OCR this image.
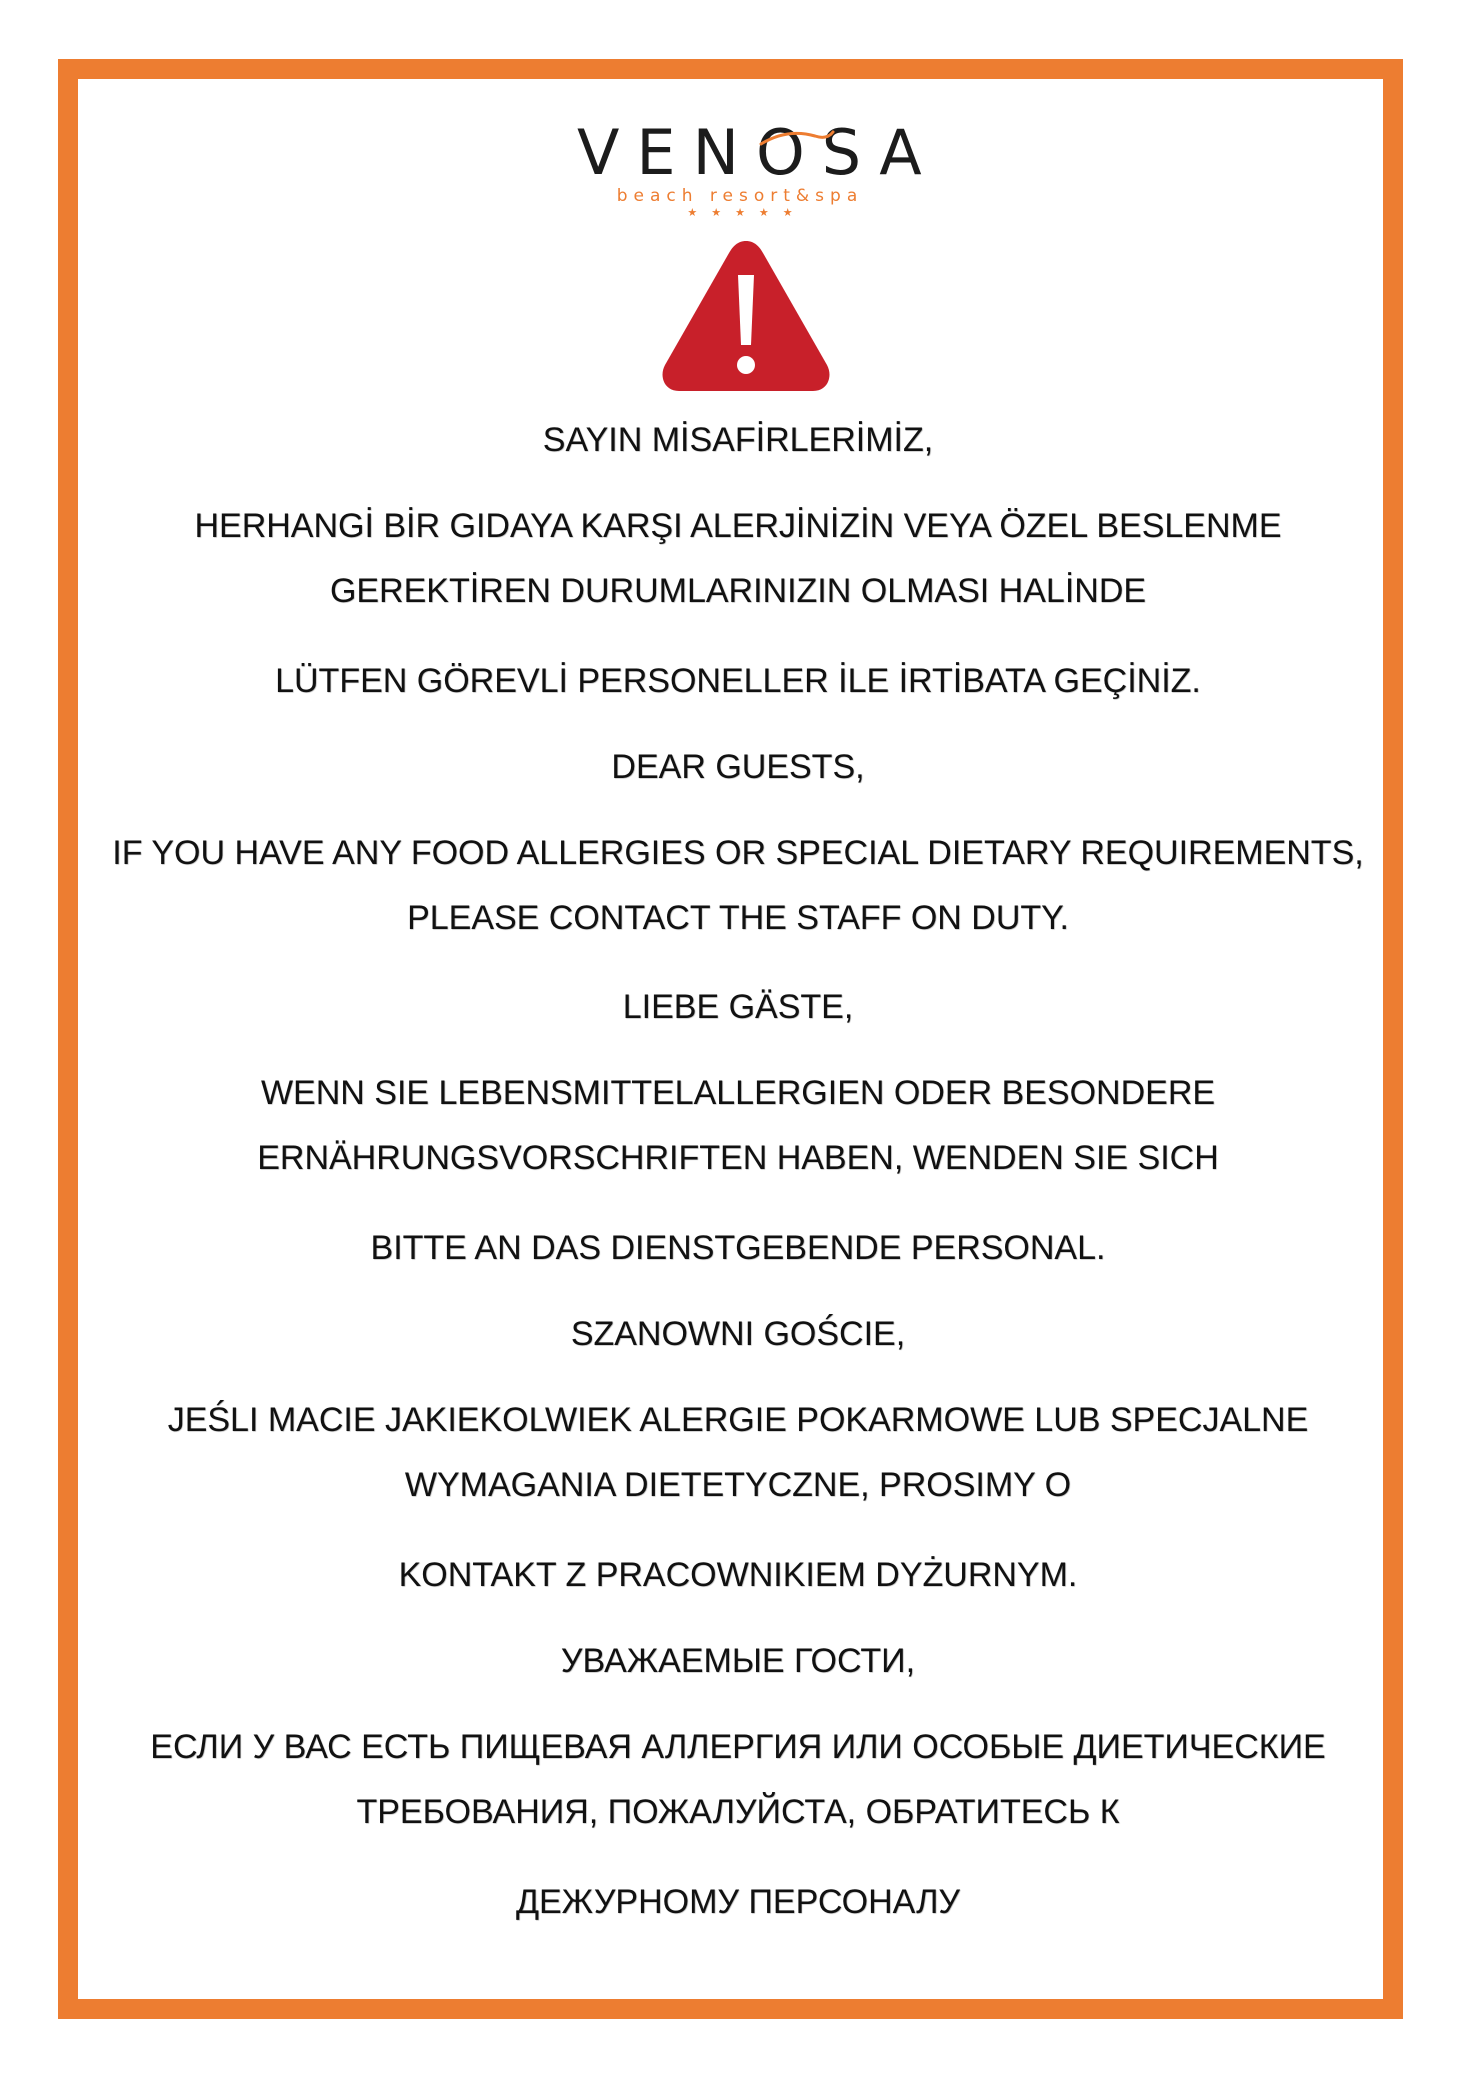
VENOSA
beach resort&spa
★★★★★
SAYIN MİSAFİRLERİMİZ,
HERHANGİ BİR GIDAYA KARŞI ALERJİNİZİN VEYA ÖZEL BESLENME
GEREKTİREN DURUMLARINIZIN OLMASI HALİNDE
LÜTFEN GÖREVLİ PERSONELLER İLE İRTİBATA GEÇİNİZ.
DEAR GUESTS,
IF YOU HAVE ANY FOOD ALLERGIES OR SPECIAL DIETARY REQUIREMENTS,
PLEASE CONTACT THE STAFF ON DUTY.
LIEBE GÄSTE,
WENN SIE LEBENSMITTELALLERGIEN ODER BESONDERE
ERNÄHRUNGSVORSCHRIFTEN HABEN, WENDEN SIE SICH
BITTE AN DAS DIENSTGEBENDE PERSONAL.
SZANOWNI GOŚCIE,
JEŚLI MACIE JAKIEKOLWIEK ALERGIE POKARMOWE LUB SPECJALNE
WYMAGANIA DIETETYCZNE, PROSIMY O
KONTAKT Z PRACOWNIKIEM DYŻURNYM.
УВАЖАЕМЫЕ ГОСТИ,
ЕСЛИ У ВАС ЕСТЬ ПИЩЕВАЯ АЛЛЕРГИЯ ИЛИ ОСОБЫЕ ДИЕТИЧЕСКИЕ
ТРЕБОВАНИЯ, ПОЖАЛУЙСТА, ОБРАТИТЕСЬ К
ДЕЖУРНОМУ ПЕРСОНАЛУ
